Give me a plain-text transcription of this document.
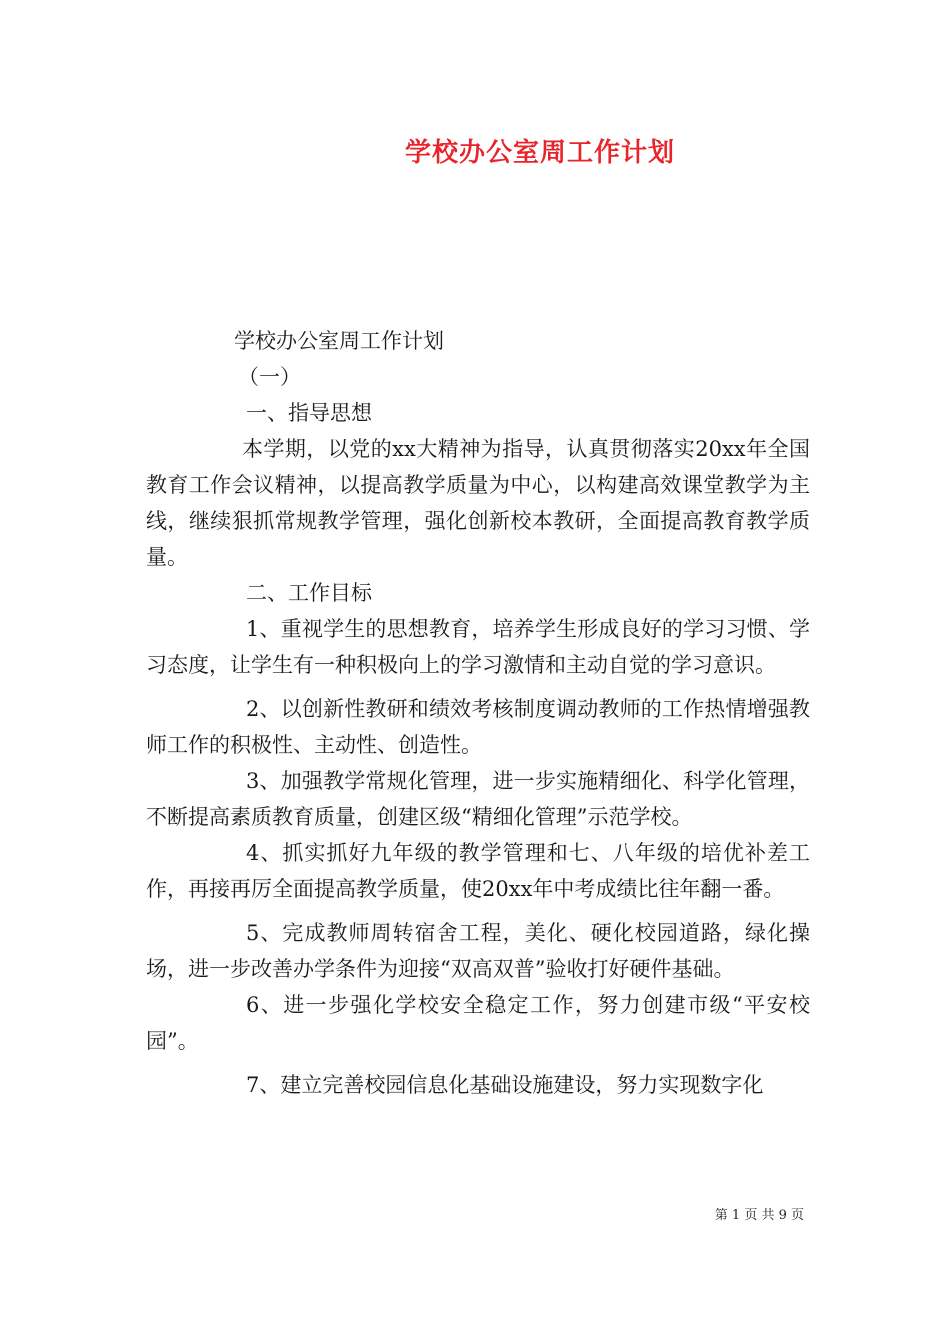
学校办公室周工作计划
学校办公室周工作计划
（一）
一、指导思想

本学期，以党的xx大精神为指导，认真贯彻落实20xx年全国教育工作会议精神，以提高教学质量为中心，以构建高效课堂教学为主线，继续狠抓常规教学管理，强化创新校本教研，全面提高教育教学质量。

二、工作目标

1、重视学生的思想教育，培养学生形成良好的学习习惯、学习态度，让学生有一种积极向上的学习激情和主动自觉的学习意识。

2、以创新性教研和绩效考核制度调动教师的工作热情增强教师工作的积极性、主动性、创造性。

3、加强教学常规化管理，进一步实施精细化、科学化管理，不断提高素质教育质量，创建区级“精细化管理”示范学校。

4、抓实抓好九年级的教学管理和七、八年级的培优补差工作，再接再厉全面提高教学质量，使20xx年中考成绩比往年翻一番。

5、完成教师周转宿舍工程，美化、硬化校园道路，绿化操场，进一步改善办学条件为迎接“双高双普”验收打好硬件基础。

6、进一步强化学校安全稳定工作，努力创建市级“平安校园”。

7、建立完善校园信息化基础设施建设，努力实现数字化

第 1 页 共 9 页
